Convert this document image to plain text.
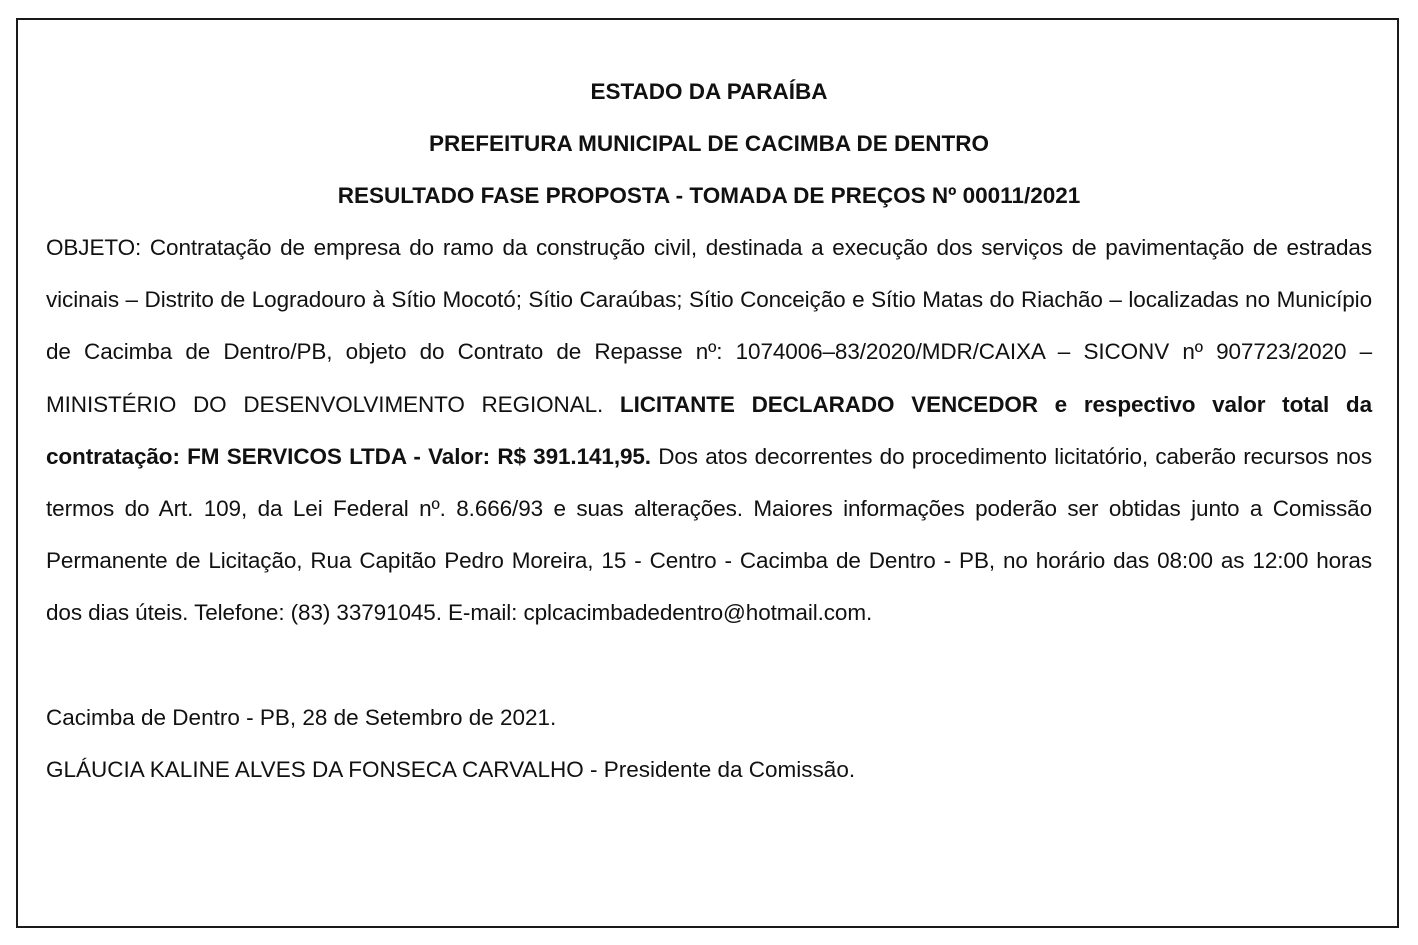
ESTADO DA PARAÍBA

PREFEITURA MUNICIPAL DE CACIMBA DE DENTRO

RESULTADO FASE PROPOSTA - TOMADA DE PREÇOS Nº 00011/2021

OBJETO: Contratação de empresa do ramo da construção civil, destinada a execução dos serviços de pavimentação de estradas vicinais – Distrito de Logradouro à Sítio Mocotó; Sítio Caraúbas; Sítio Conceição e Sítio Matas do Riachão – localizadas no Município de Cacimba de Dentro/PB, objeto do Contrato de Repasse nº: 1074006–83/2020/MDR/CAIXA – SICONV nº 907723/2020 – MINISTÉRIO DO DESENVOLVIMENTO REGIONAL. LICITANTE DECLARADO VENCEDOR e respectivo valor total da contratação: FM SERVICOS LTDA - Valor: R$ 391.141,95. Dos atos decorrentes do procedimento licitatório, caberão recursos nos termos do Art. 109, da Lei Federal nº. 8.666/93 e suas alterações. Maiores informações poderão ser obtidas junto a Comissão Permanente de Licitação, Rua Capitão Pedro Moreira, 15 - Centro - Cacimba de Dentro - PB, no horário das 08:00 as 12:00 horas dos dias úteis. Telefone: (83) 33791045. E-mail: cplcacimbadedentro@hotmail.com.

Cacimba de Dentro - PB, 28 de Setembro de 2021.

GLÁUCIA KALINE ALVES DA FONSECA CARVALHO - Presidente da Comissão.
